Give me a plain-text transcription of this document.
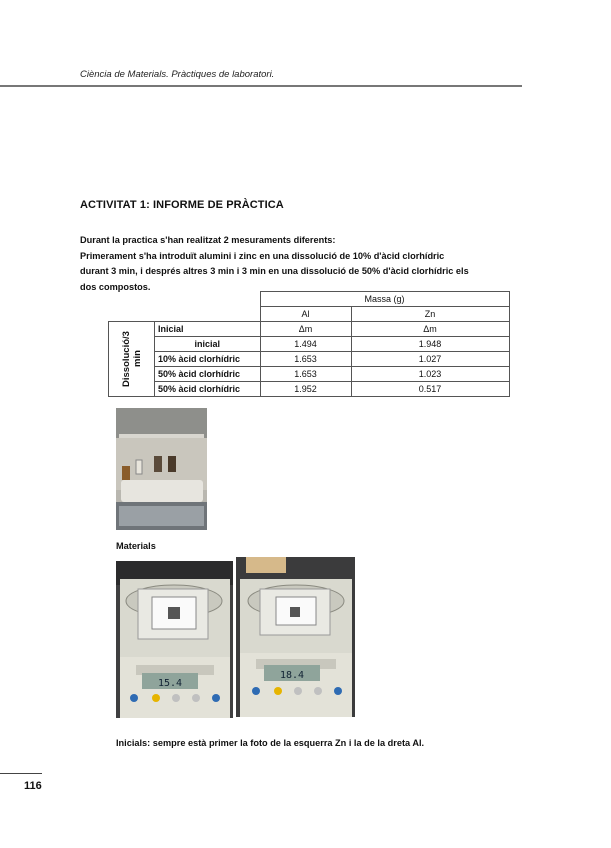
Ciència de Materials. Pràctiques de laboratori.
ACTIVITAT 1: INFORME DE PRÀCTICA
Durant la practica s'han realitzat 2 mesuraments diferents:
Primerament s'ha introduït alumini i zinc en una dissolució de 10% d'àcid clorhídric
durant 3 min, i després altres 3 min i 3 min en una dissolució de 50% d'àcid clorhídric els
dos compostos.
		Massa (g)	
		Al	Zn

Dissolució/3 min	Inicial	Δm	Δm
	inicial	1.494	1.948
	10% àcid clorhídric	1.653	1.027
	50% àcid clorhídric	1.653	1.023
	50% àcid clorhídric	1.952	0.517
Materials
15.4
18.4
Inicials: sempre està primer la foto de la esquerra Zn i la de la dreta Al.
116
